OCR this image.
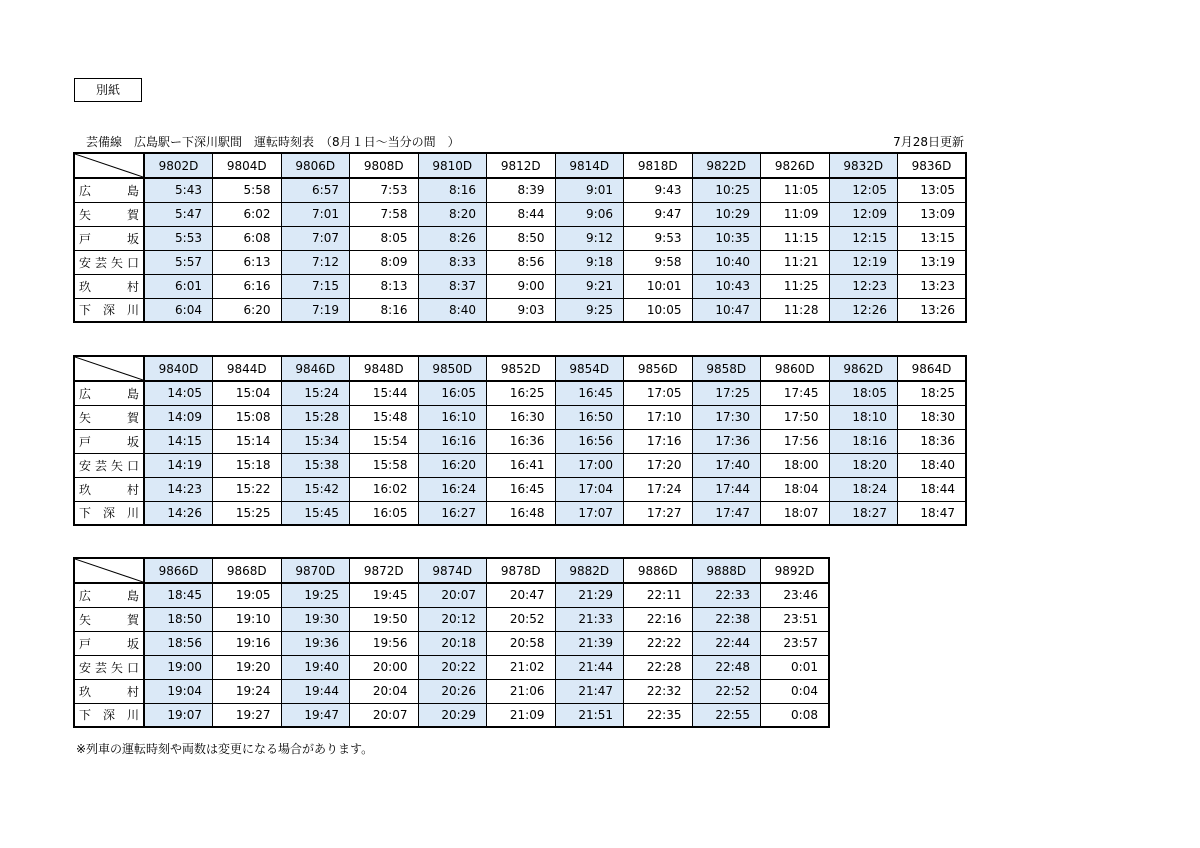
別紙
芸備線　広島駅ー下深川駅間　運転時刻表　（8月１日～当分の間　）	7月28日更新
	9802D	9804D	9806D	9808D	9810D	9812D	9814D	9818D	9822D	9826D	9832D	9836D

広 島	5:43	5:58	6:57	7:53	8:16	8:39	9:01	9:43	10:25	11:05	12:05	13:05

矢 賀	5:47	6:02	7:01	7:58	8:20	8:44	9:06	9:47	10:29	11:09	12:09	13:09

戸 坂	5:53	6:08	7:07	8:05	8:26	8:50	9:12	9:53	10:35	11:15	12:15	13:15

安 芸 矢 口	5:57	6:13	7:12	8:09	8:33	8:56	9:18	9:58	10:40	11:21	12:19	13:19

玖 村	6:01	6:16	7:15	8:13	8:37	9:00	9:21	10:01	10:43	11:25	12:23	13:23

下 深 川	6:04	6:20	7:19	8:16	8:40	9:03	9:25	10:05	10:47	11:28	12:26	13:26
	9840D	9844D	9846D	9848D	9850D	9852D	9854D	9856D	9858D	9860D	9862D	9864D

広 島	14:05	15:04	15:24	15:44	16:05	16:25	16:45	17:05	17:25	17:45	18:05	18:25

矢 賀	14:09	15:08	15:28	15:48	16:10	16:30	16:50	17:10	17:30	17:50	18:10	18:30

戸 坂	14:15	15:14	15:34	15:54	16:16	16:36	16:56	17:16	17:36	17:56	18:16	18:36

安 芸 矢 口	14:19	15:18	15:38	15:58	16:20	16:41	17:00	17:20	17:40	18:00	18:20	18:40

玖 村	14:23	15:22	15:42	16:02	16:24	16:45	17:04	17:24	17:44	18:04	18:24	18:44

下 深 川	14:26	15:25	15:45	16:05	16:27	16:48	17:07	17:27	17:47	18:07	18:27	18:47
	9866D	9868D	9870D	9872D	9874D	9878D	9882D	9886D	9888D	9892D

広 島	18:45	19:05	19:25	19:45	20:07	20:47	21:29	22:11	22:33	23:46

矢 賀	18:50	19:10	19:30	19:50	20:12	20:52	21:33	22:16	22:38	23:51

戸 坂	18:56	19:16	19:36	19:56	20:18	20:58	21:39	22:22	22:44	23:57

安 芸 矢 口	19:00	19:20	19:40	20:00	20:22	21:02	21:44	22:28	22:48	0:01

玖 村	19:04	19:24	19:44	20:04	20:26	21:06	21:47	22:32	22:52	0:04

下 深 川	19:07	19:27	19:47	20:07	20:29	21:09	21:51	22:35	22:55	0:08
※列車の運転時刻や両数は変更になる場合があります。
